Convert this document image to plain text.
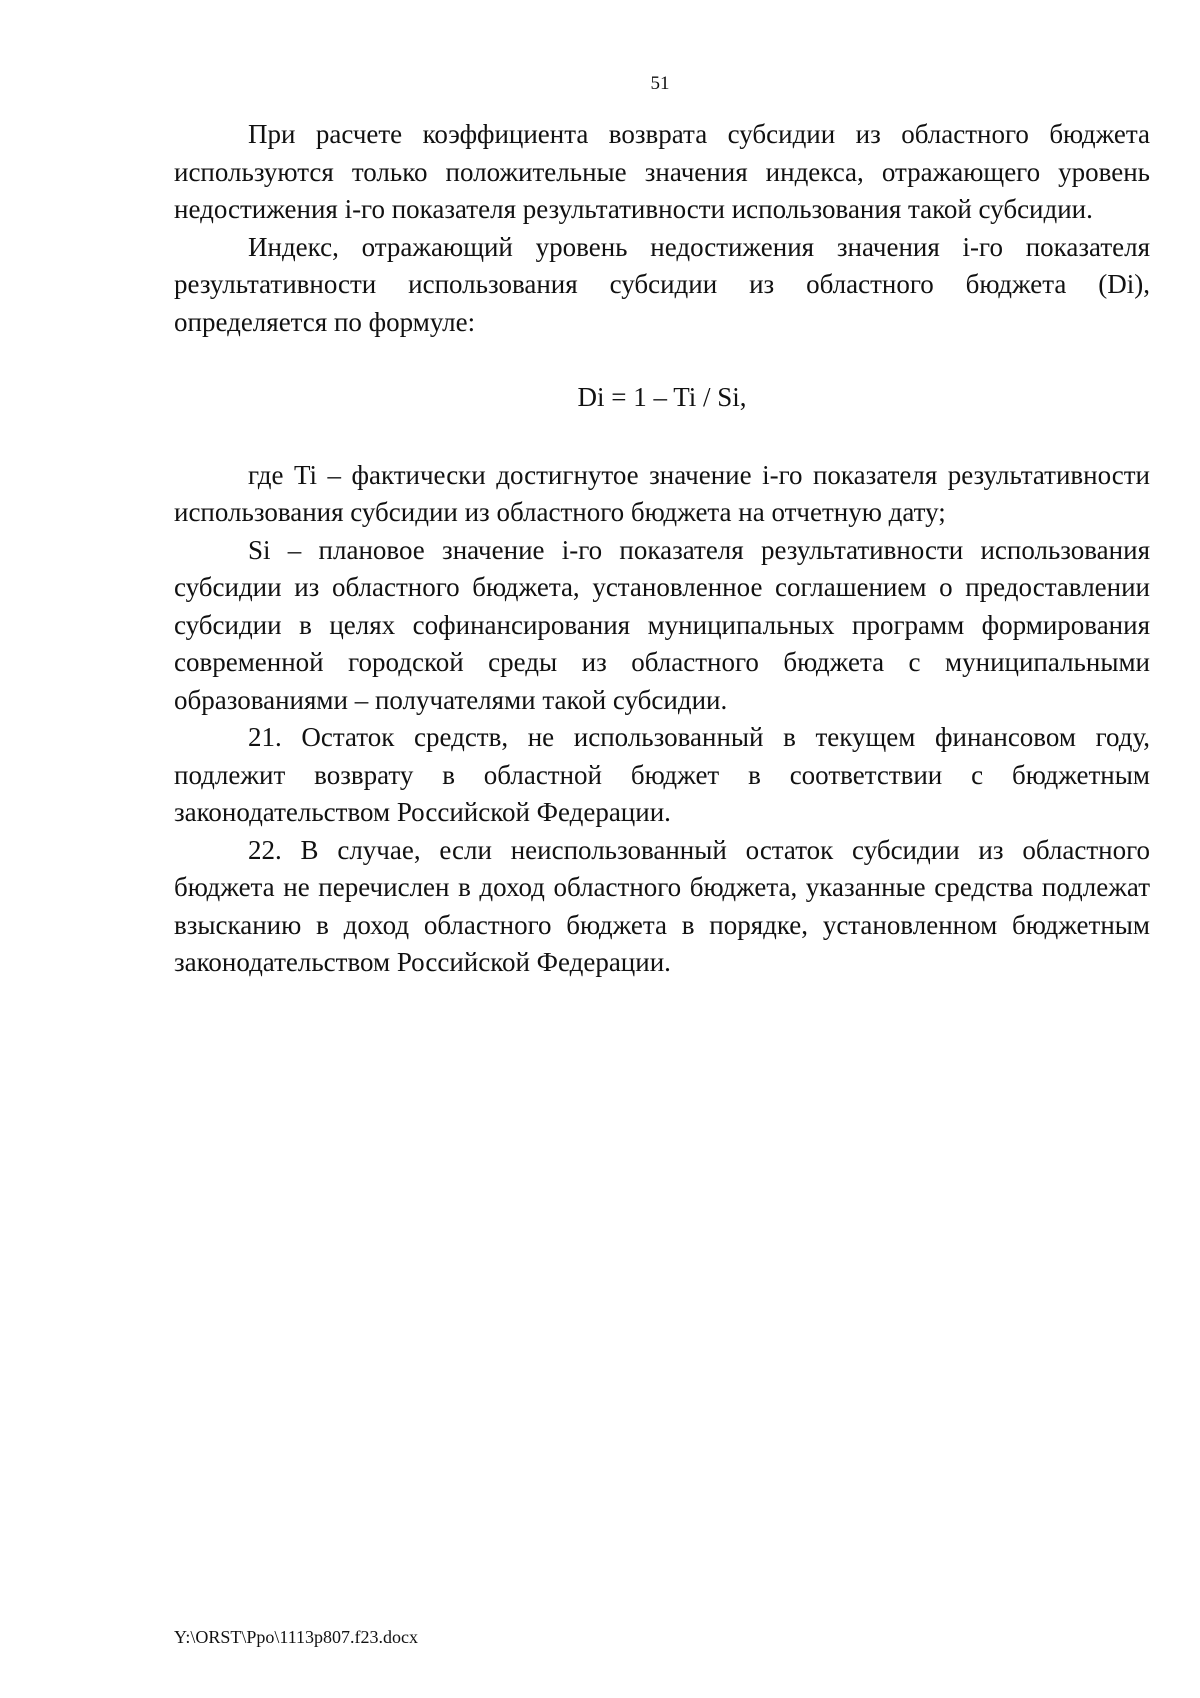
51

При расчете коэффициента возврата субсидии из областного бюджета используются только положительные значения индекса, отражающего уровень недостижения i-го показателя результативности использования такой субсидии.

Индекс, отражающий уровень недостижения значения i-го показателя результативности использования субсидии из областного бюджета (Di), определяется по формуле:

Di = 1 – Ti / Si,

где Ti – фактически достигнутое значение i-го показателя результативности использования субсидии из областного бюджета на отчетную дату;

Si – плановое значение i-го показателя результативности использования субсидии из областного бюджета, установленное соглашением о предоставлении субсидии в целях софинансирования муниципальных программ формирования современной городской среды из областного бюджета с муниципальными образованиями – получателями такой субсидии.

21. Остаток средств, не использованный в текущем финансовом году, подлежит возврату в областной бюджет в соответствии с бюджетным законодательством Российской Федерации.

22. В случае, если неиспользованный остаток субсидии из областного бюджета не перечислен в доход областного бюджета, указанные средства подлежат взысканию в доход областного бюджета в порядке, установленном бюджетным законодательством Российской Федерации.

Y:\ORST\Ppo\1113p807.f23.docx
